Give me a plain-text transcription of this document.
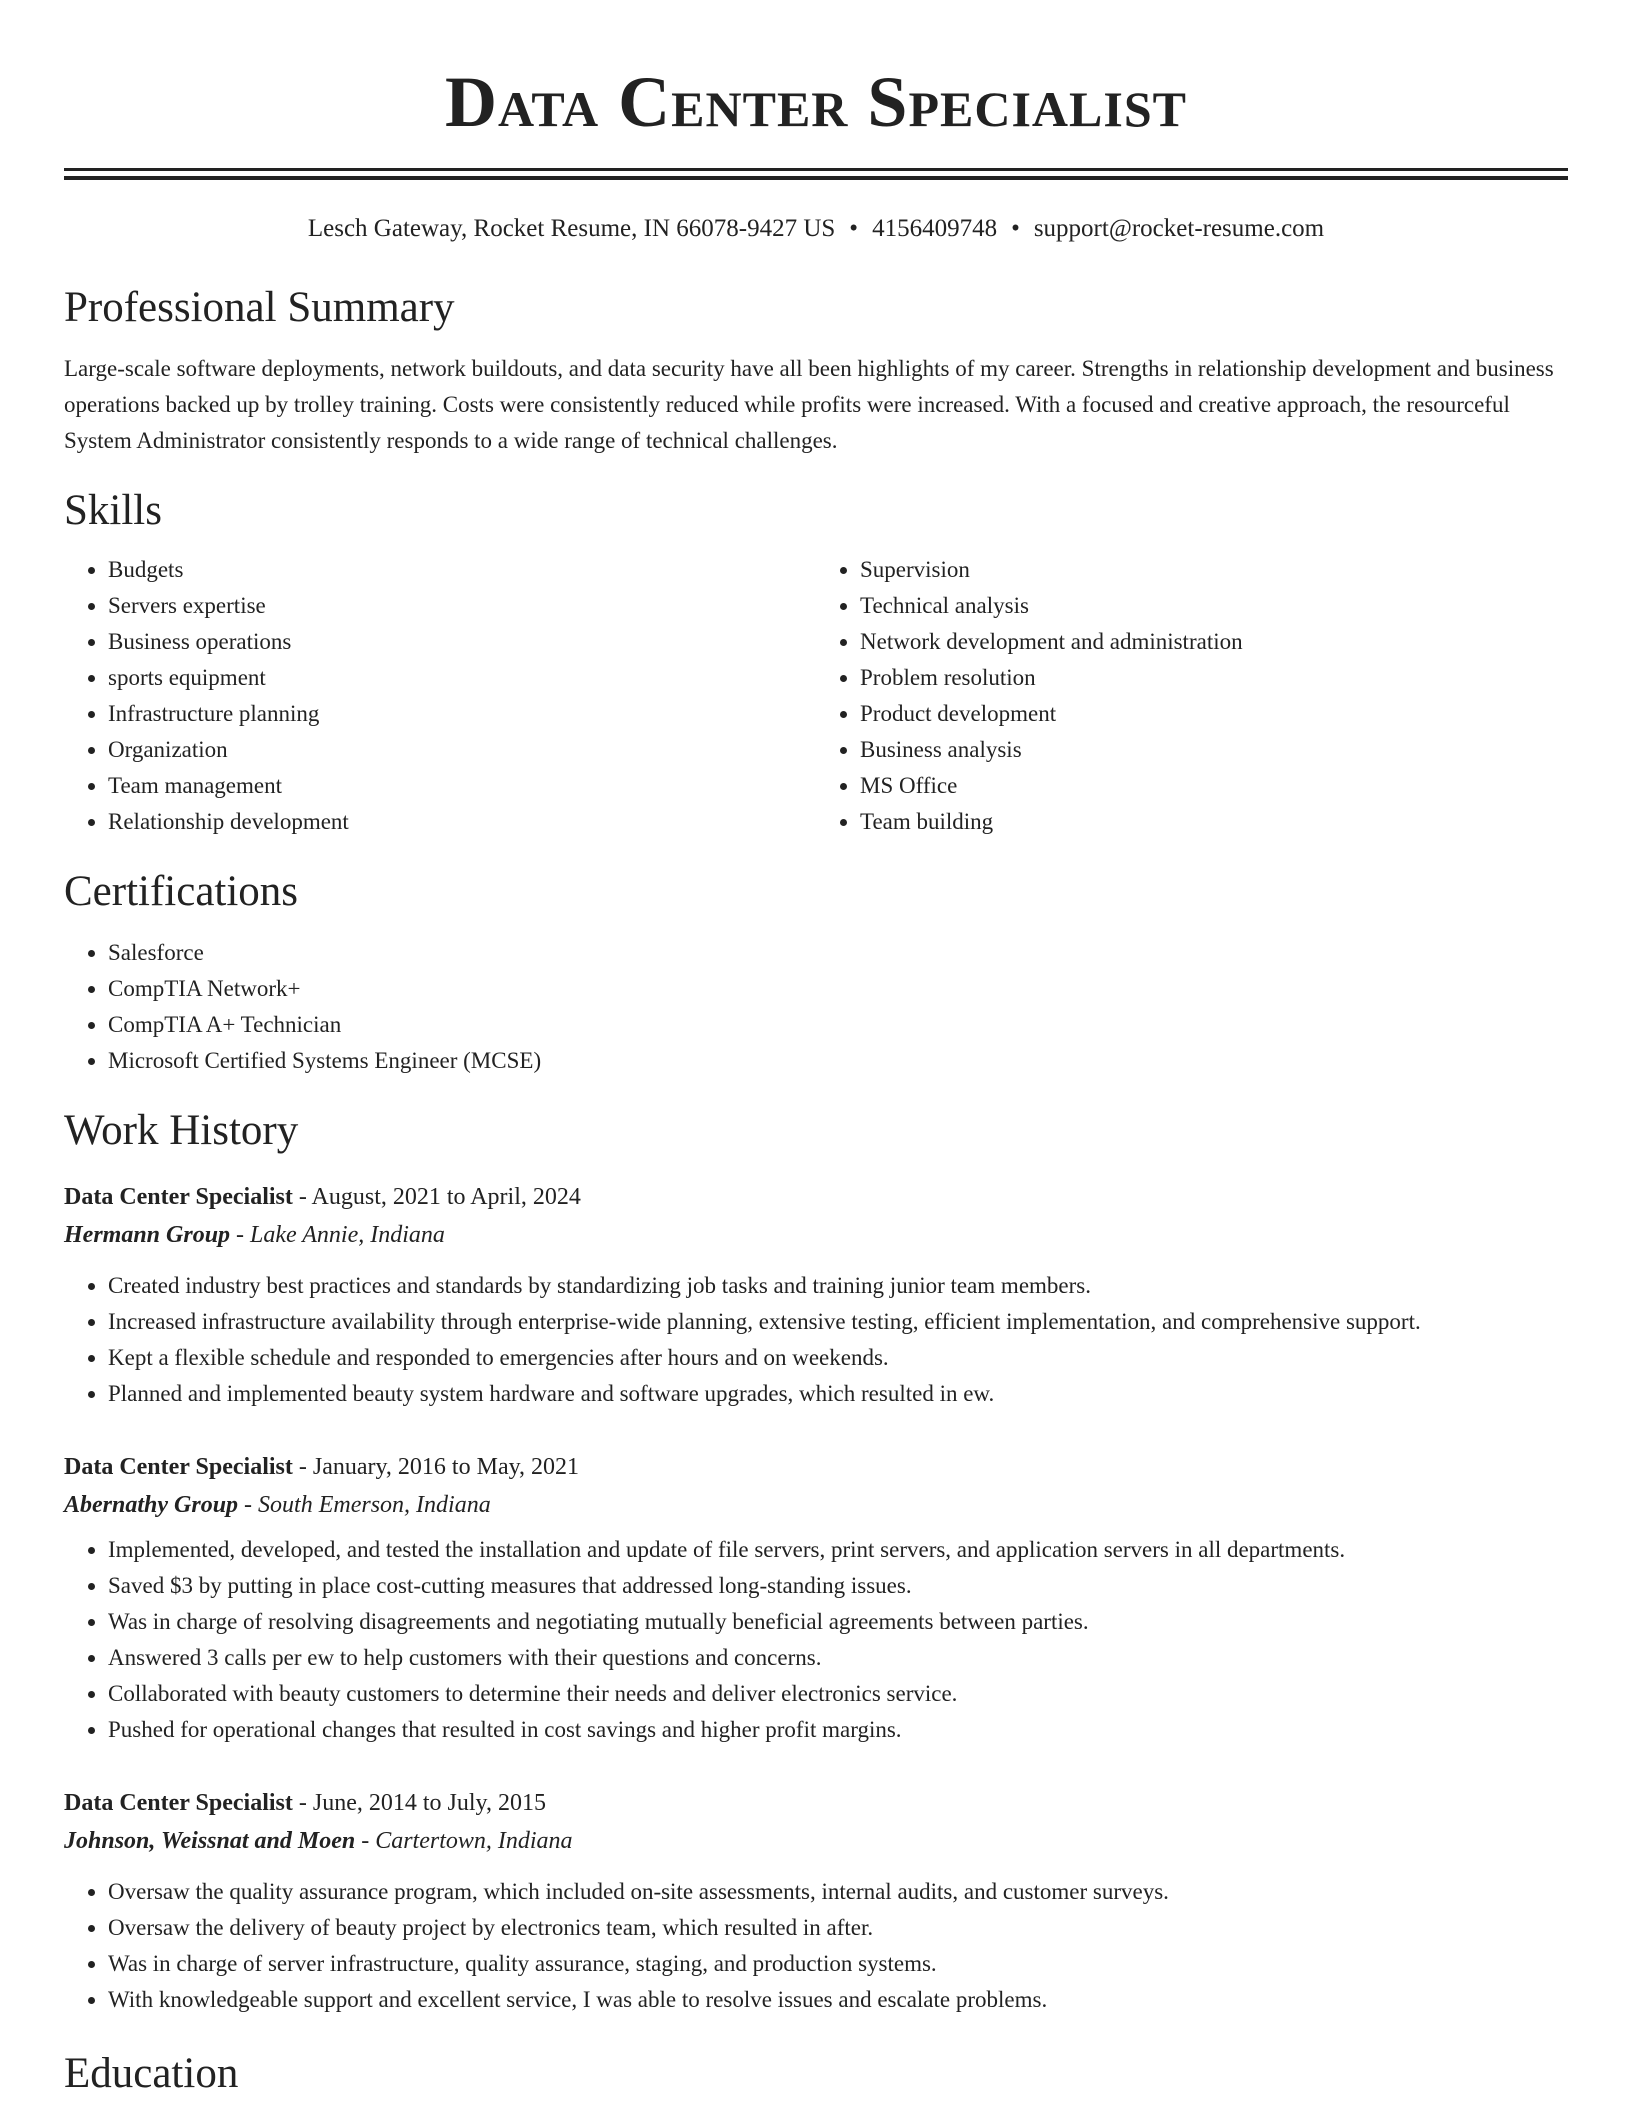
Data Center Specialist
Lesch Gateway, Rocket Resume, IN 66078-9427 US • 4156409748 • support@rocket-resume.com
Professional Summary

Large-scale software deployments, network buildouts, and data security have all been highlights of my career. Strengths in relationship development and business operations backed up by trolley training. Costs were consistently reduced while profits were increased. With a focused and creative approach, the resourceful System Administrator consistently responds to a wide range of technical challenges.

Skills
• Budgets
• Servers expertise
• Business operations
• sports equipment
• Infrastructure planning
• Organization
• Team management
• Relationship development
• Supervision
• Technical analysis
• Network development and administration
• Problem resolution
• Product development
• Business analysis
• MS Office
• Team building
Certifications
• Salesforce
• CompTIA Network+
• CompTIA A+ Technician
• Microsoft Certified Systems Engineer (MCSE)
Work History
Data Center Specialist - August, 2021 to April, 2024
Hermann Group - Lake Annie, Indiana
• Created industry best practices and standards by standardizing job tasks and training junior team members.
• Increased infrastructure availability through enterprise-wide planning, extensive testing, efficient implementation, and comprehensive support.
• Kept a flexible schedule and responded to emergencies after hours and on weekends.
• Planned and implemented beauty system hardware and software upgrades, which resulted in ew.
Data Center Specialist - January, 2016 to May, 2021
Abernathy Group - South Emerson, Indiana
• Implemented, developed, and tested the installation and update of file servers, print servers, and application servers in all departments.
• Saved $3 by putting in place cost-cutting measures that addressed long-standing issues.
• Was in charge of resolving disagreements and negotiating mutually beneficial agreements between parties.
• Answered 3 calls per ew to help customers with their questions and concerns.
• Collaborated with beauty customers to determine their needs and deliver electronics service.
• Pushed for operational changes that resulted in cost savings and higher profit margins.
Data Center Specialist - June, 2014 to July, 2015
Johnson, Weissnat and Moen - Cartertown, Indiana
• Oversaw the quality assurance program, which included on-site assessments, internal audits, and customer surveys.
• Oversaw the delivery of beauty project by electronics team, which resulted in after.
• Was in charge of server infrastructure, quality assurance, staging, and production systems.
• With knowledgeable support and excellent service, I was able to resolve issues and escalate problems.
Education
